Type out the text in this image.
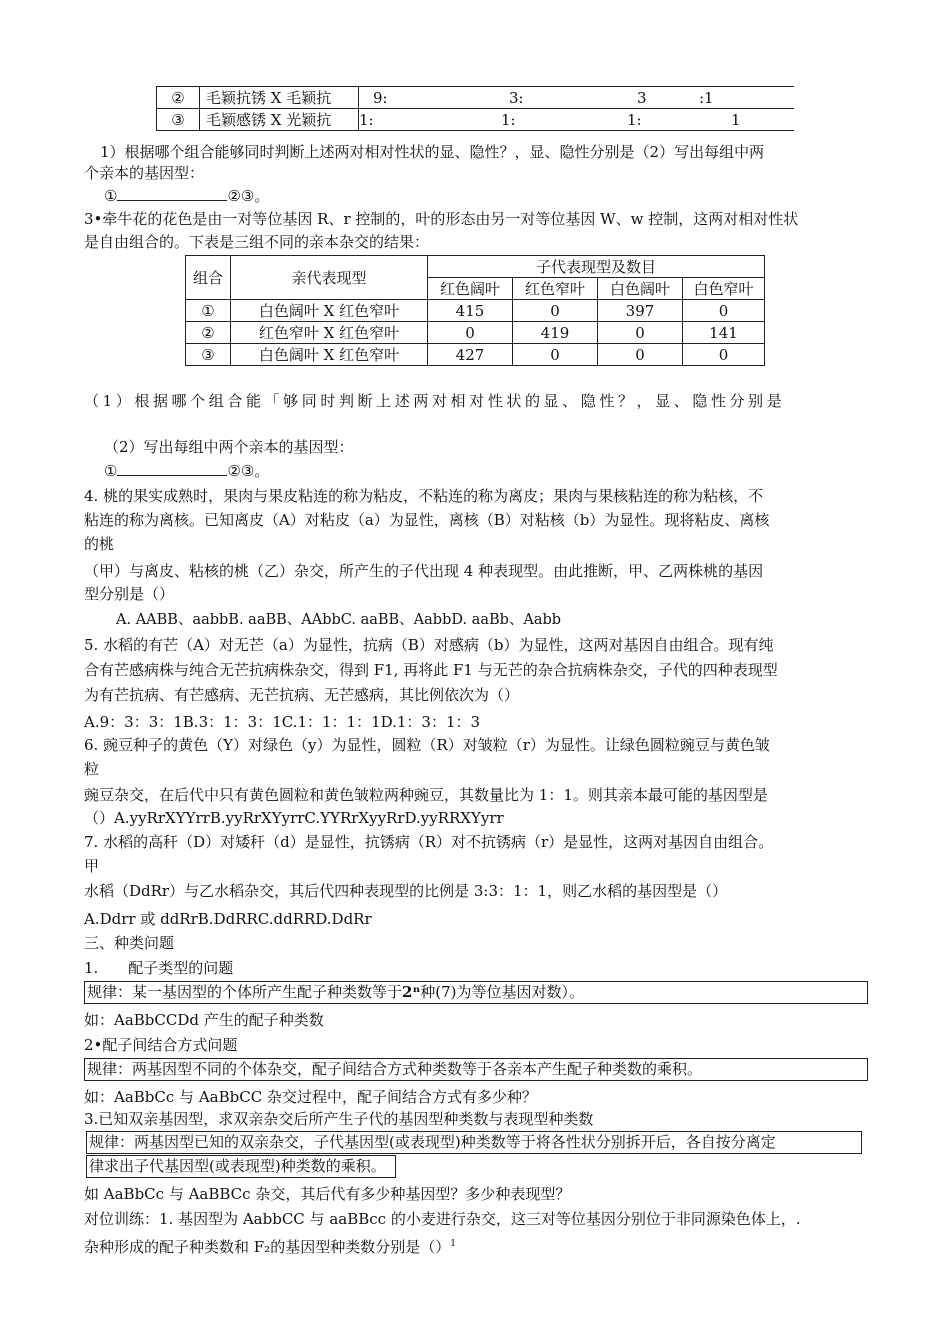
②	毛颖抗锈 X 毛颖抗	9:	3:	3	:1
③	毛颖感锈 X 光颖抗	1:	1:	1:	1
1）根据哪个组合能够同时判断上述两对相对性状的显、隐性？，显、隐性分别是（2）写出每组中两
个亲本的基因型：
①	②③。
3•牵牛花的花色是由一对等位基因 R、r 控制的，叶的形态由另一对等位基因 W、w 控制，这两对相对性状
是自由组合的。下表是三组不同的亲本杂交的结果：
组合	亲代表现型	子代表现型及数目			
		红色阔叶	红色窄叶	白色阔叶	白色窄叶
①	白色阔叶 X 红色窄叶	415	0	397	0
②	红色窄叶 X 红色窄叶	0	419	0	141
③	白色阔叶 X 红色窄叶	427	0	0	0
（1）根据哪个组合能「够同时判断上述两对相对性状的显、隐性？，显、隐性分别是
（2）写出每组中两个亲本的基因型：
①	②③。
4. 桃的果实成熟时，果肉与果皮粘连的称为粘皮，不粘连的称为离皮；果肉与果核粘连的称为粘核，不
粘连的称为离核。已知离皮（A）对粘皮（a）为显性，离核（B）对粘核（b）为显性。现将粘皮、离核
的桃
（甲）与离皮、粘核的桃（乙）杂交，所产生的子代出现 4 种表现型。由此推断，甲、乙两株桃的基因
型分别是（）
A. AABB、aabbB. aaBB、AAbbC. aaBB、AabbD. aaBb、Aabb
5. 水稻的有芒（A）对无芒（a）为显性，抗病（B）对感病（b）为显性，这两对基因自由组合。现有纯
合有芒感病株与纯合无芒抗病株杂交，得到 F1, 再将此 F1 与无芒的杂合抗病株杂交，子代的四种表现型
为有芒抗病、有芒感病、无芒抗病、无芒感病，其比例依次为（）
A.9：3：3：1B.3：1：3：1C.1：1：1：1D.1：3：1：3
6. 豌豆种子的黄色（Y）对绿色（y）为显性，圆粒（R）对皱粒（r）为显性。让绿色圆粒豌豆与黄色皱
粒
豌豆杂交，在后代中只有黄色圆粒和黄色皱粒两种豌豆，其数量比为 1：1。则其亲本最可能的基因型是
（）A.yyRrXYYrrB.yyRrXYyrrC.YYRrXyyRrD.yyRRXYyrr
7. 水稻的高秆（D）对矮秆（d）是显性，抗锈病（R）对不抗锈病（r）是显性，这两对基因自由组合。
甲
水稻（DdRr）与乙水稻杂交，其后代四种表现型的比例是 3:3：1：1，则乙水稻的基因型是（）
A.Ddrr 或 ddRrB.DdRRC.ddRRD.DdRr
三、种类问题
1.　　配子类型的问题
规律：某一基因型的个体所产生配子种类数等于2ⁿ种(7)为等位基因对数）。
如：AaBbCCDd 产生的配子种类数
2•配子间结合方式问题
规律：两基因型不同的个体杂交，配子间结合方式种类数等于各亲本产生配子种类数的乘积。
如：AaBbCc 与 AaBbCC 杂交过程中，配子间结合方式有多少种？
3.已知双亲基因型，求双亲杂交后所产生子代的基因型种类数与表现型种类数
规律：两基因型已知的双亲杂交，子代基因型(或表现型)种类数等于将各性状分别拆开后，各自按分离定
律求出子代基因型(或表现型)种类数的乘积。
如 AaBbCc 与 AaBBCc 杂交，其后代有多少种基因型？多少种表现型？
对位训练：1. 基因型为 AabbCC 与 aaBBcc 的小麦进行杂交，这三对等位基因分别位于非同源染色体上，.
杂种形成的配子种类数和 F₂的基因型种类数分别是（）$^1$
